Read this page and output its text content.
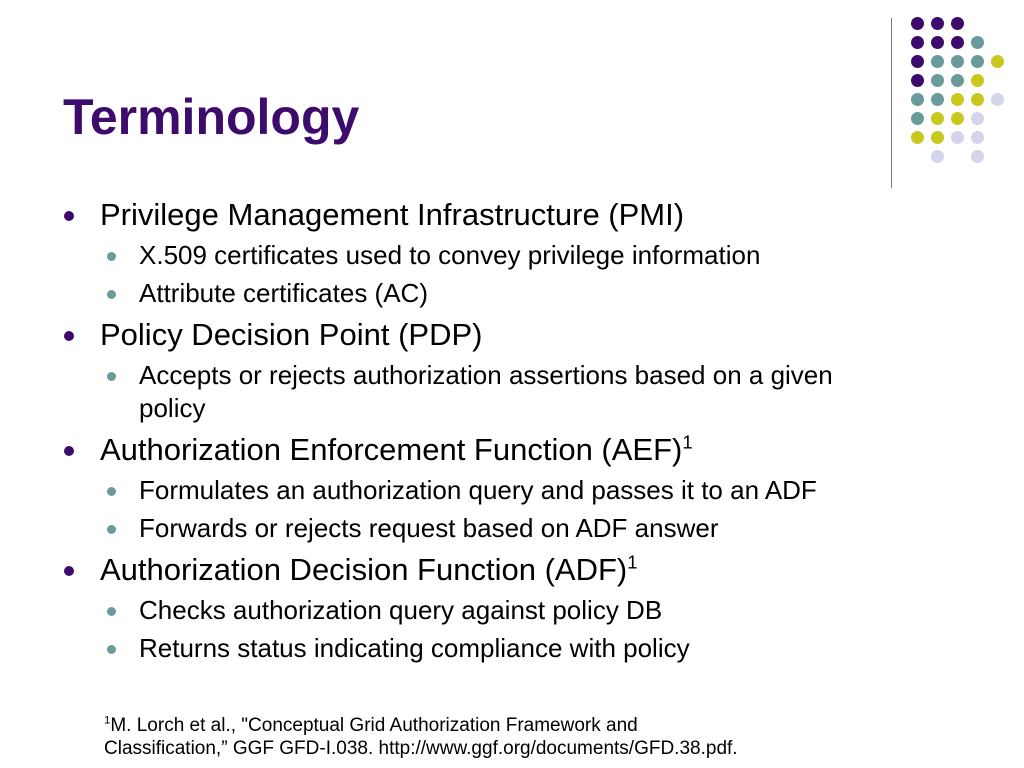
Terminology
Privilege Management Infrastructure (PMI)
X.509 certificates used to convey privilege information
Attribute certificates (AC)
Policy Decision Point (PDP)
Accepts or rejects authorization assertions based on a given policy
Authorization Enforcement Function (AEF)$^1$
Formulates an authorization query and passes it to an ADF
Forwards or rejects request based on ADF answer
Authorization Decision Function (ADF)$^1$
Checks authorization query against policy DB
Returns status indicating compliance with policy
$^1$M. Lorch et al., "Conceptual Grid Authorization Framework and
Classification,” GGF GFD-I.038. http://www.ggf.org/documents/GFD.38.pdf.
